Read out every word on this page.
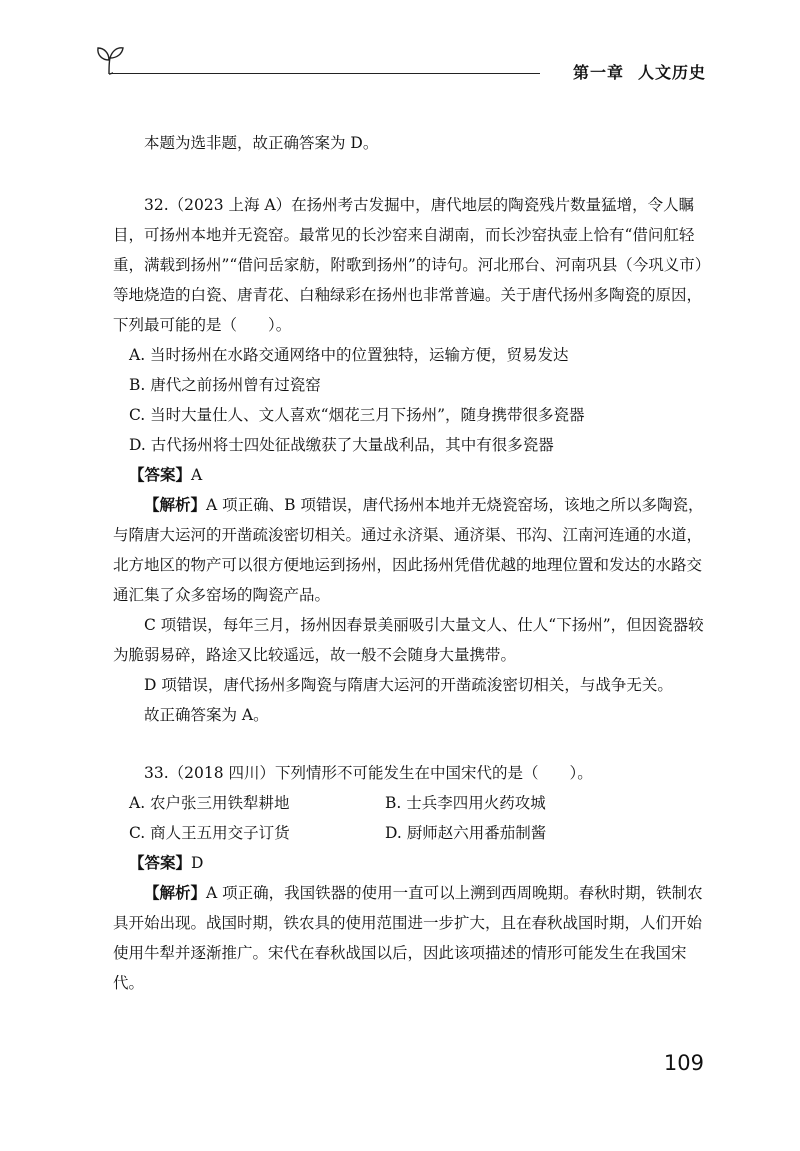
第一章 人文历史

本题为选非题，故正确答案为 D。

32.（2023 上海 A）在扬州考古发掘中，唐代地层的陶瓷残片数量猛增，令人瞩目，可扬州本地并无瓷窑。最常见的长沙窑来自湖南，而长沙窑执壶上恰有“借问舡轻重，满载到扬州”“借问岳家舫，附歌到扬州”的诗句。河北邢台、河南巩县（今巩义市）等地烧造的白瓷、唐青花、白釉绿彩在扬州也非常普遍。关于唐代扬州多陶瓷的原因，下列最可能的是（　　）。

A. 当时扬州在水路交通网络中的位置独特，运输方便，贸易发达

B. 唐代之前扬州曾有过瓷窑

C. 当时大量仕人、文人喜欢“烟花三月下扬州”，随身携带很多瓷器

D. 古代扬州将士四处征战缴获了大量战利品，其中有很多瓷器

【答案】A

【解析】A 项正确、B 项错误，唐代扬州本地并无烧瓷窑场，该地之所以多陶瓷，与隋唐大运河的开凿疏浚密切相关。通过永济渠、通济渠、邗沟、江南河连通的水道，北方地区的物产可以很方便地运到扬州，因此扬州凭借优越的地理位置和发达的水路交通汇集了众多窑场的陶瓷产品。

C 项错误，每年三月，扬州因春景美丽吸引大量文人、仕人“下扬州”，但因瓷器较为脆弱易碎，路途又比较遥远，故一般不会随身大量携带。

D 项错误，唐代扬州多陶瓷与隋唐大运河的开凿疏浚密切相关，与战争无关。

故正确答案为 A。

33.（2018 四川）下列情形不可能发生在中国宋代的是（　　）。

A. 农户张三用铁犁耕地	B. 士兵李四用火药攻城
C. 商人王五用交子订货	D. 厨师赵六用番茄制酱

【答案】D

【解析】A 项正确，我国铁器的使用一直可以上溯到西周晚期。春秋时期，铁制农具开始出现。战国时期，铁农具的使用范围进一步扩大，且在春秋战国时期，人们开始使用牛犁并逐渐推广。宋代在春秋战国以后，因此该项描述的情形可能发生在我国宋代。

109
